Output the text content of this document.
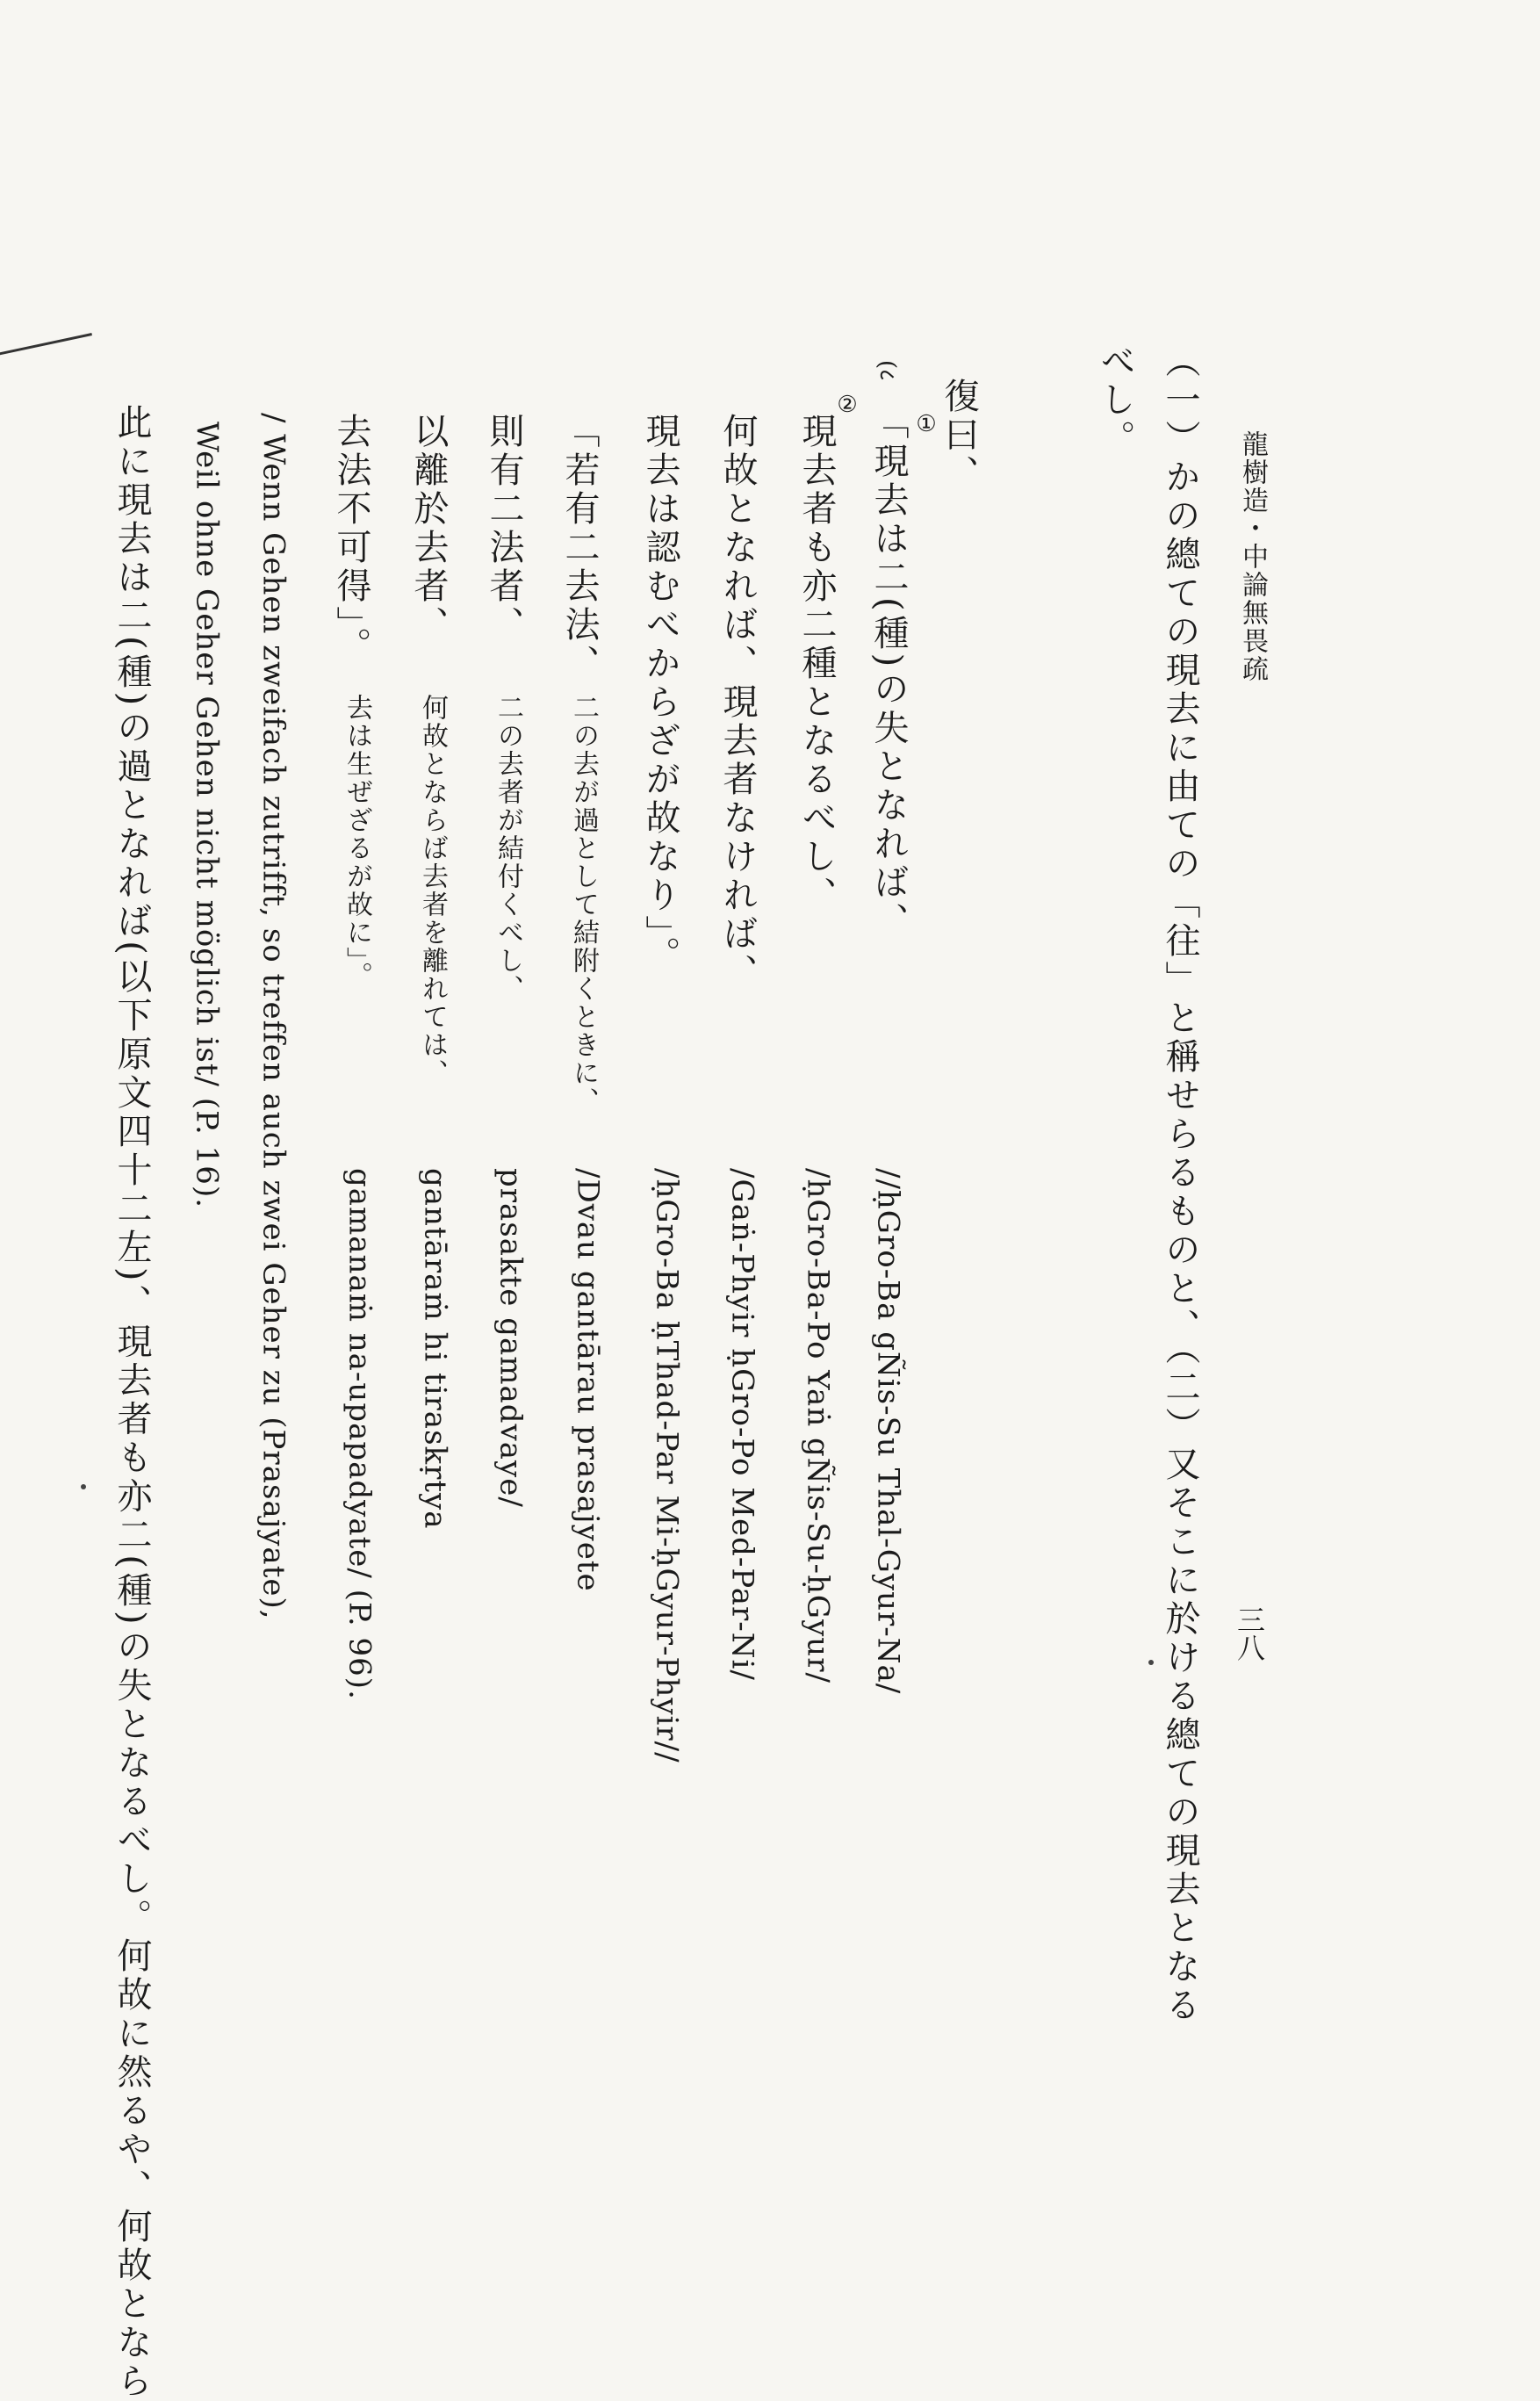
龍樹造・中論無畏疏
三八
（一）かの總ての現去に由ての「往」と稱せらるものと、（二）又そこに於ける總ての現去となる
べし。
復曰、
「現去は二(種)の失となれば、
//ḥGro-Ba gÑis-Su Thal-Gyur-Na/
現去者も亦二種となるべし、
/ḥGro-Ba-Po Yaṅ gÑis-Su-ḥGyur/
何故となれば、現去者なければ、
/Gaṅ-Phyir ḥGro-Po Med-Par-Ni/
現去は認むべからざが故なり」。
/ḥGro-Ba ḥThad-Par Mi-ḥGyur-Phyir//
「若有二去法、
二の去が過として結附くときに、
/Dvau gantārau prasajyete
則有二法者、
二の去者が結付くべし、
prasakte gamadvaye/
以離於去者、
何故とならば去者を離れては、
gantāraṁ hi tiraskṛtya
去法不可得」。
去は生ぜざるが故に」。
gamanaṁ na-upapadyate/ (P. 96).
/ Wenn Gehen zweifach zutrifft, so treffen auch zwei Geher zu (Prasajyate),
Weil ohne Geher Gehen nicht möglich ist/ (P. 16).
此に現去は二(種)の過となれば(以下原文四十二左)、現去者も亦二(種)の失となるべし。何故に然るや、何故となら	①
②
(८
